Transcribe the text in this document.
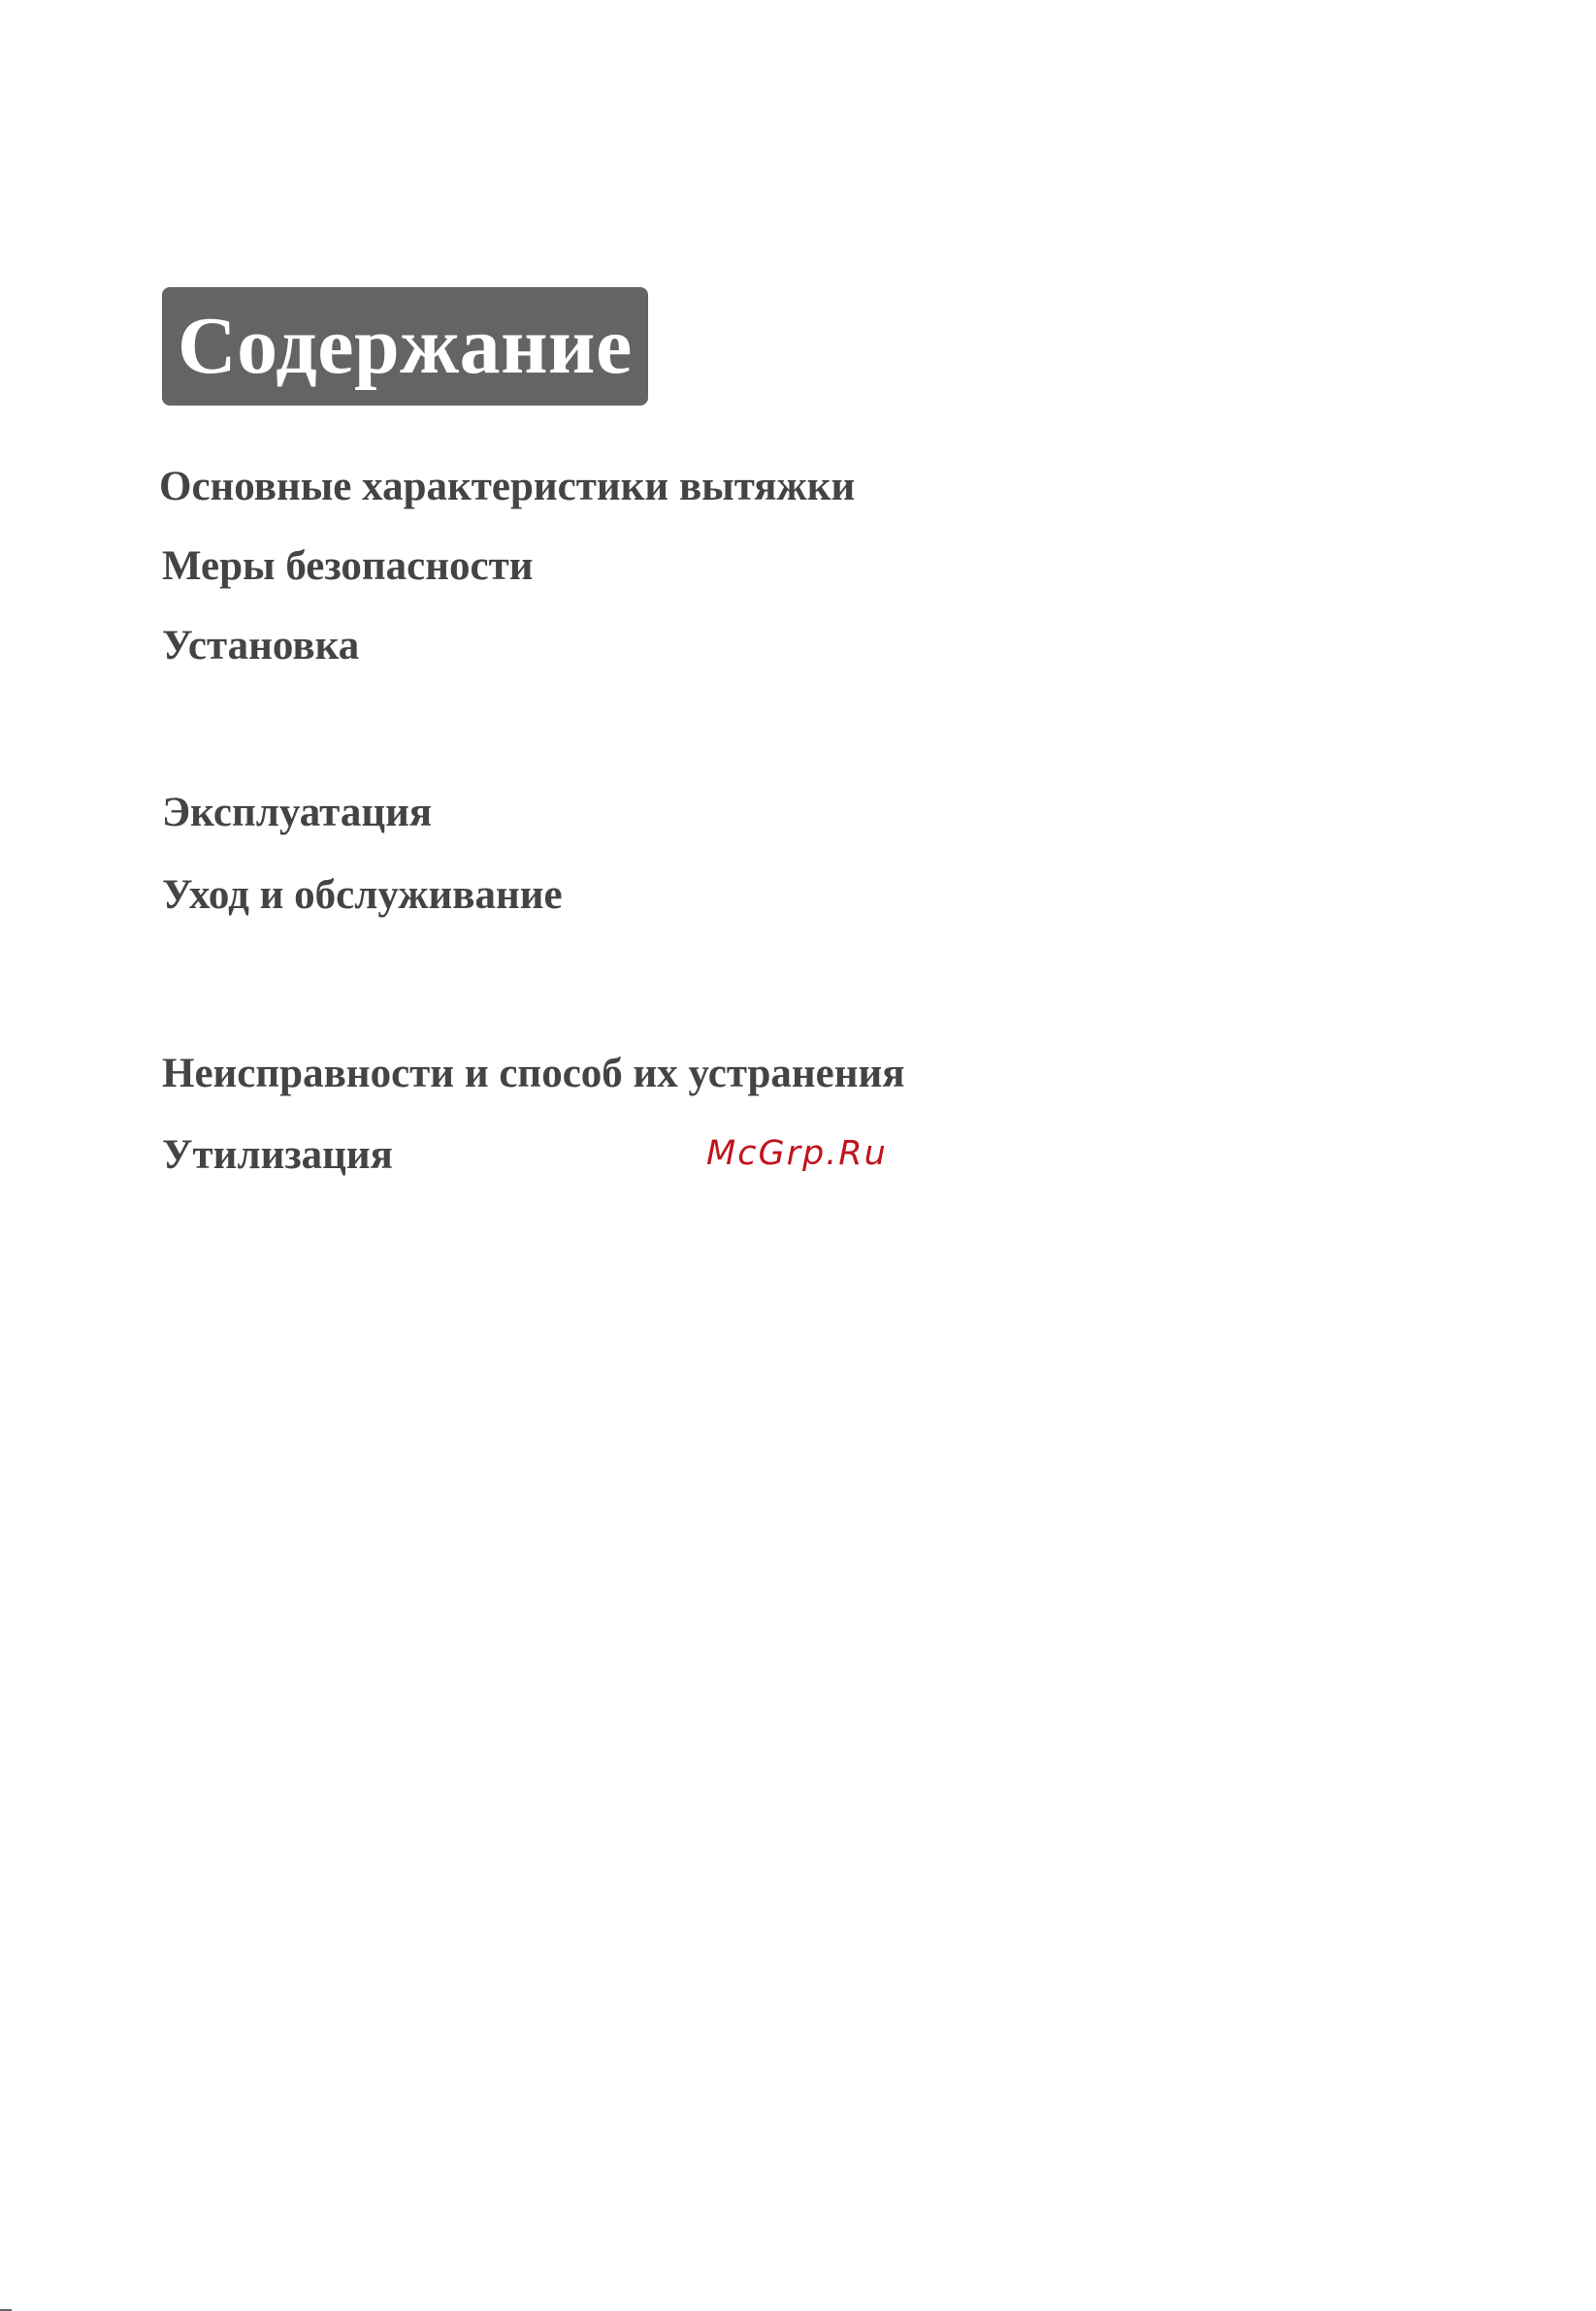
Содержание
Основные характеристики вытяжки
Меры безопасности
Установка
Эксплуатация
Уход и обслуживание
Неисправности и способ их устранения
Утилизация	McGrp.Ru
